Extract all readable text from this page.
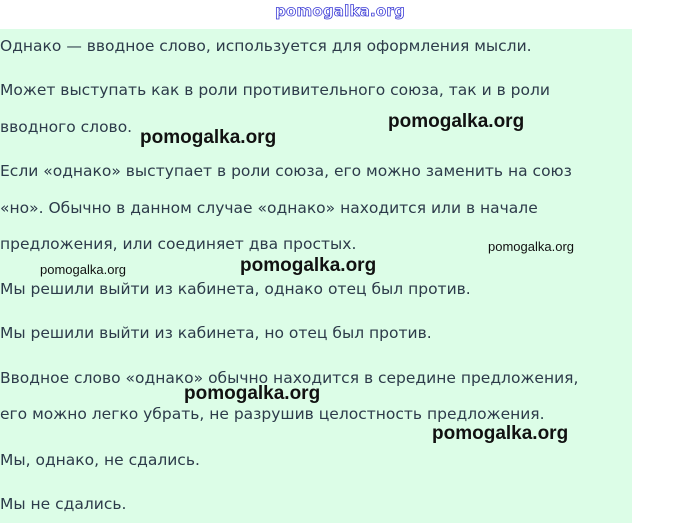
pomogalka.org

Однако — вводное слово, используется для оформления мысли.

Может выступать как в роли противительного союза, так и в роли

вводного слово.

Если «однако» выступает в роли союза, его можно заменить на союз

«но». Обычно в данном случае «однако» находится или в начале

предложения, или соединяет два простых.

Мы решили выйти из кабинета, однако отец был против.

Мы решили выйти из кабинета, но отец был против.

Вводное слово «однако» обычно находится в середине предложения,

его можно легко убрать, не разрушив целостность предложения.

Мы, однако, не сдались.

Мы не сдались.

pomogalka.org
pomogalka.org
pomogalka.org
pomogalka.org	pomogalka.org
pomogalka.org
pomogalka.org
